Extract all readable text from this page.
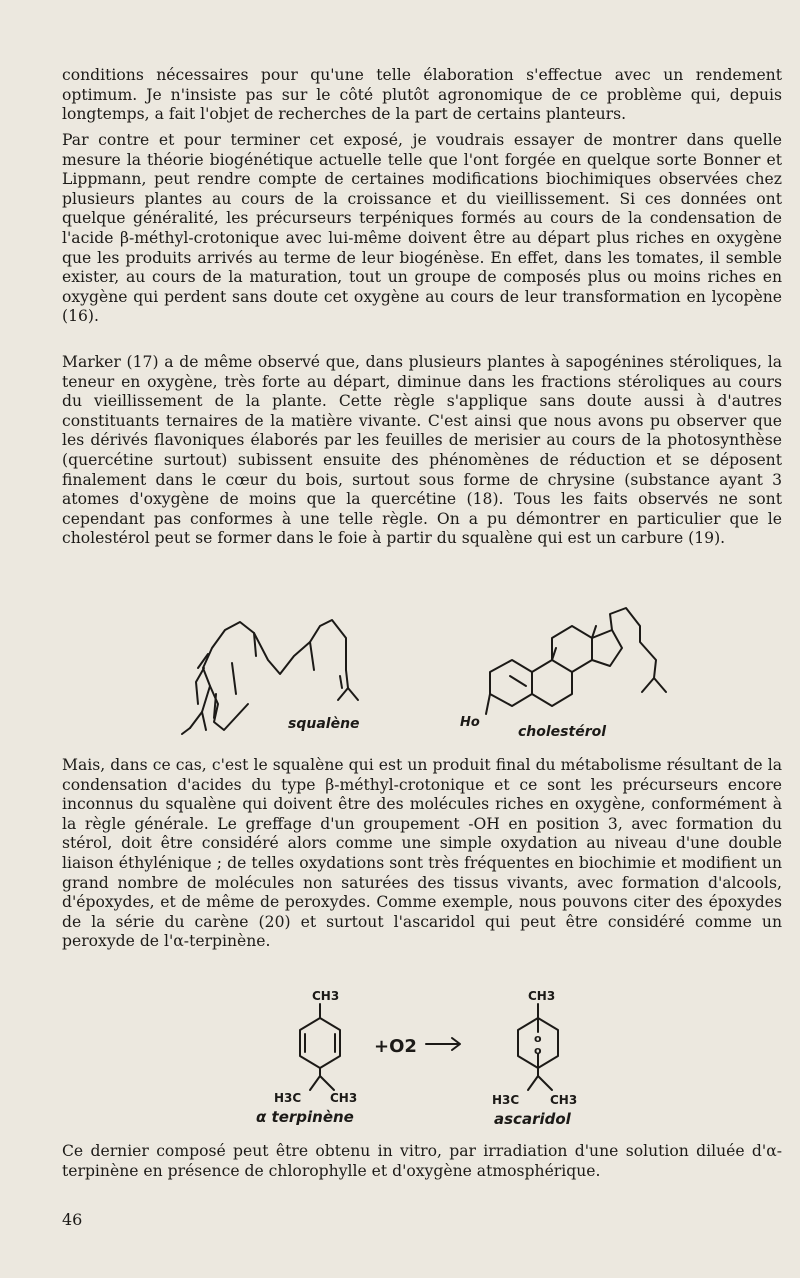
conditions nécessaires pour qu'une telle élaboration s'effectue avec un rendement optimum. Je n'insiste pas sur le côté plutôt agronomique de ce problème qui, depuis longtemps, a fait l'objet de recherches de la part de certains planteurs.

Par contre et pour terminer cet exposé, je voudrais essayer de montrer dans quelle mesure la théorie biogénétique actuelle telle que l'ont forgée en quelque sorte Bonner et Lippmann, peut rendre compte de certaines modifications biochimiques observées chez plusieurs plantes au cours de la croissance et du vieillissement. Si ces données ont quelque généralité, les précurseurs terpéniques formés au cours de la condensation de l'acide β-méthyl-crotonique avec lui-même doivent être au départ plus riches en oxygène que les produits arrivés au terme de leur biogénèse. En effet, dans les tomates, il semble exister, au cours de la maturation, tout un groupe de composés plus ou moins riches en oxygène qui perdent sans doute cet oxygène au cours de leur transformation en lycopène (16).

Marker (17) a de même observé que, dans plusieurs plantes à sapogénines stéroliques, la teneur en oxygène, très forte au départ, diminue dans les fractions stéroliques au cours du vieillissement de la plante. Cette règle s'applique sans doute aussi à d'autres constituants ternaires de la matière vivante. C'est ainsi que nous avons pu observer que les dérivés flavoniques élaborés par les feuilles de merisier au cours de la photosynthèse (quercétine surtout) subissent ensuite des phénomènes de réduction et se déposent finalement dans le cœur du bois, surtout sous forme de chrysine (substance ayant 3 atomes d'oxygène de moins que la quercétine (18). Tous les faits observés ne sont cependant pas conformes à une telle règle. On a pu démontrer en particulier que le cholestérol peut se former dans le foie à partir du squalène qui est un carbure (19).

squalène	Ho
cholestérol

Mais, dans ce cas, c'est le squalène qui est un produit final du métabolisme résultant de la condensation d'acides du type β-méthyl-crotonique et ce sont les précurseurs encore inconnus du squalène qui doivent être des molécules riches en oxygène, conformément à la règle générale. Le greffage d'un groupement -OH en position 3, avec formation du stérol, doit être considéré alors comme une simple oxydation au niveau d'une double liaison éthylénique ; de telles oxydations sont très fréquentes en biochimie et modifient un grand nombre de molécules non saturées des tissus vivants, avec formation d'alcools, d'époxydes, et de même de peroxydes. Comme exemple, nous pouvons citer des époxydes de la série du carène (20) et surtout l'ascaridol qui peut être considéré comme un peroxyde de l'α-terpinène.

CH3
H3C CH3
α terpinène
+O2
CH3
o
o
H3C	CH3
ascaridol

Ce dernier composé peut être obtenu in vitro, par irradiation d'une solution diluée d'α-terpinène en présence de chlorophylle et d'oxygène atmosphérique.

46
